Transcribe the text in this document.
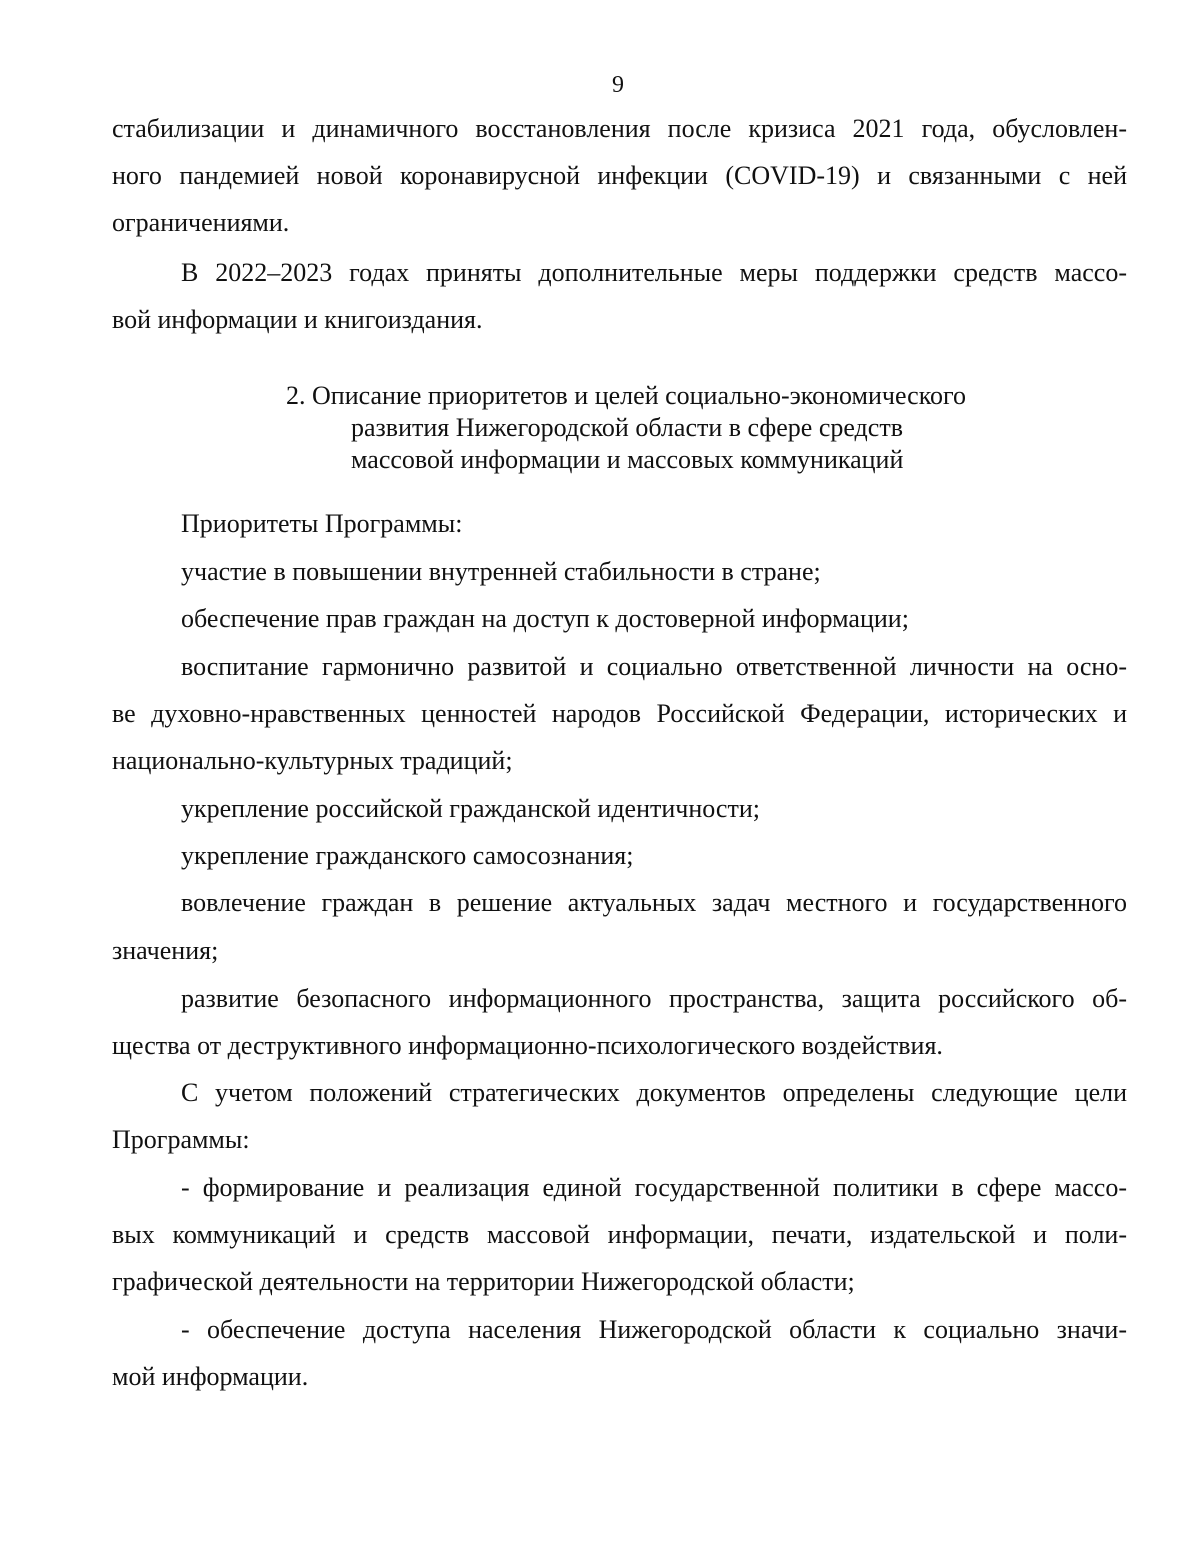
9
стабилизации и динамичного восстановления после кризиса 2021 года, обусловлен-
ного пандемией новой коронавирусной инфекции (COVID-19) и связанными с ней
ограничениями.
В 2022–2023 годах приняты дополнительные меры поддержки средств массо-
вой информации и книгоиздания.
2. Описание приоритетов и целей социально-экономического
развития Нижегородской области в сфере средств
массовой информации и массовых коммуникаций
Приоритеты Программы:
участие в повышении внутренней стабильности в стране;
обеспечение прав граждан на доступ к достоверной информации;
воспитание гармонично развитой и социально ответственной личности на осно-
ве духовно-нравственных ценностей народов Российской Федерации, исторических и
национально-культурных традиций;
укрепление российской гражданской идентичности;
укрепление гражданского самосознания;
вовлечение граждан в решение актуальных задач местного и государственного
значения;
развитие безопасного информационного пространства, защита российского об-
щества от деструктивного информационно-психологического воздействия.
С учетом положений стратегических документов определены следующие цели
Программы:
- формирование и реализация единой государственной политики в сфере массо-
вых коммуникаций и средств массовой информации, печати, издательской и поли-
графической деятельности на территории Нижегородской области;
- обеспечение доступа населения Нижегородской области к социально значи-
мой информации.
